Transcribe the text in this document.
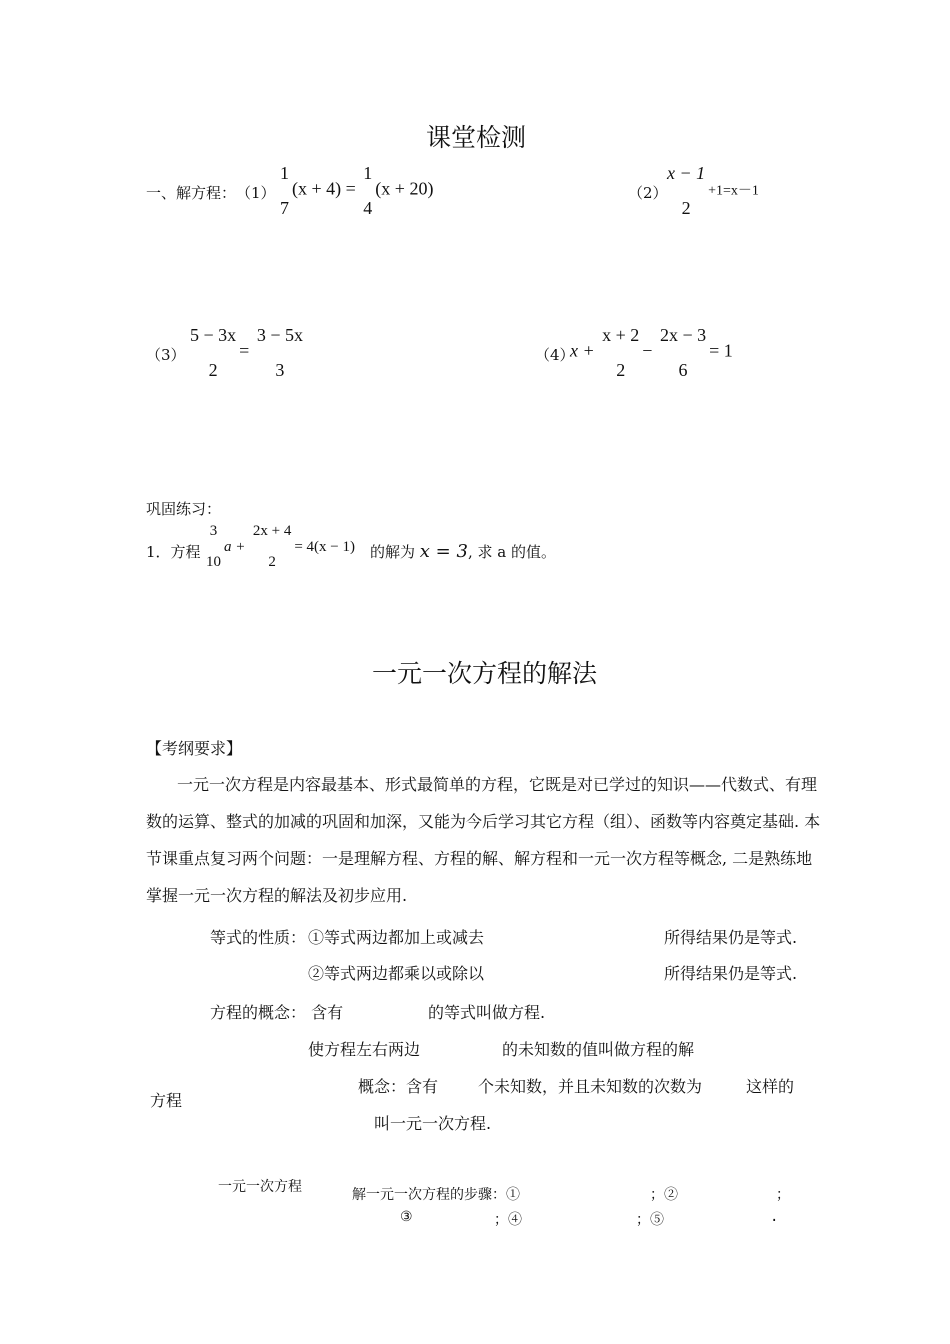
课堂检测
一、解方程： （1）
1
7
(x + 4) =
1
4
(x + 20)	（2）
x − 1
2
+1=x－1
（3）
5 − 3x
2
=
3 − 5x
3
（4）
x +
x + 2
2
−
2x − 3
6
= 1
巩固练习：
1．方程
3
10
a +
2x + 4
2
= 4(x − 1) 的解为 x = 3, 求 a 的值。
一元一次方程的解法
【考纲要求】
一元一次方程是内容最基本、形式最简单的方程，它既是对已学过的知识——代数式、有理
数的运算、整式的加减的巩固和加深，又能为今后学习其它方程（组）、函数等内容奠定基础. 本
节课重点复习两个问题：一是理解方程、方程的解、解方程和一元一次方程等概念, 二是熟练地
掌握一元一次方程的解法及初步应用.
等式的性质： ①等式两边都加上或减去	所得结果仍是等式.
②等式两边都乘以或除以	所得结果仍是等式.
方程的概念： 含有	的等式叫做方程.
使方程左右两边	的未知数的值叫做方程的解
方程
概念：含有 个未知数，并且未知数的次数为	这样的
叫一元一次方程.
一元一次方程	解一元一次方程的步骤：①	；②	；
③	；④	；⑤	.
